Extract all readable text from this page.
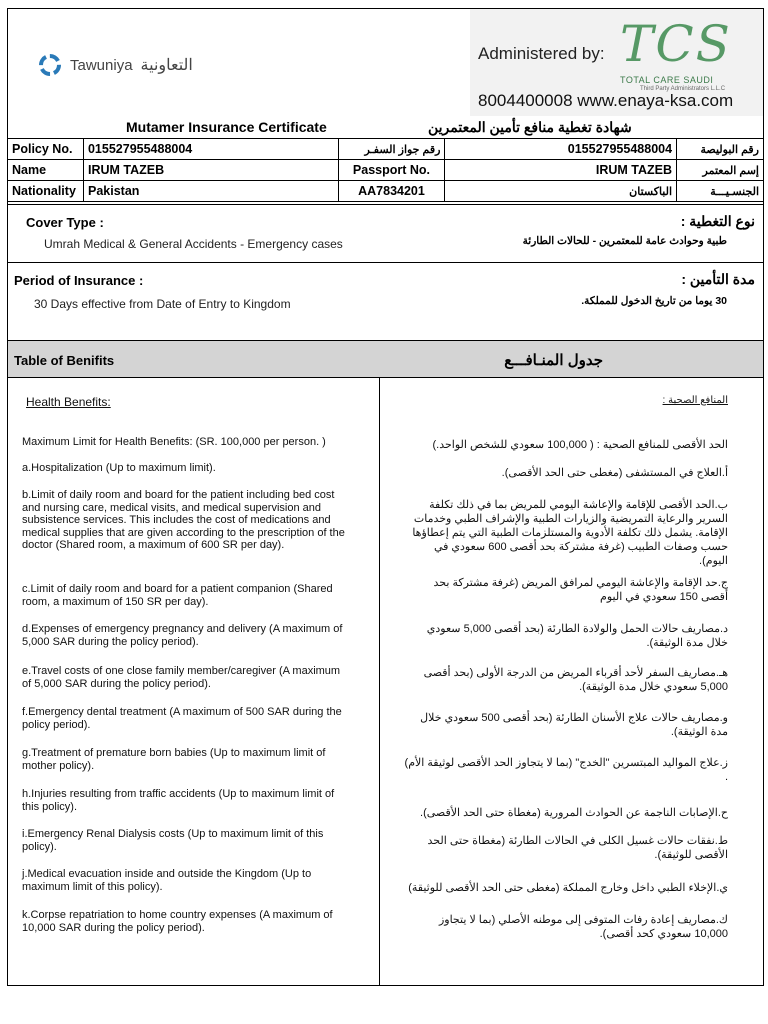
Tawuniya التعاونية
Administered by: TCS
TOTAL CARE SAUDI
Third Party Administrators L.L.C
8004400008 www.enaya-ksa.com
Mutamer Insurance Certificate	شهادة تغطية منافع تأمين المعتمرين
Policy No.	015527955488004	رقم جواز السفـر	015527955488004	رقم البوليصة
Name	IRUM TAZEB	Passport No.	IRUM TAZEB	إسم المعتمر
Nationality	Pakistan	AA7834201	الباكستان	الجنسـيـــة
Cover Type :	نوع التغطية :
Umrah Medical & General Accidents - Emergency cases	طبية وحوادث عامة للمعتمرين - للحالات الطارئة
Period of Insurance :	مدة التأمين :
30 Days effective from Date of Entry to Kingdom	30 يوما من تاريخ الدخول للمملكة.
Table of Benifits	جدول المنـافـــع
Health Benefits:
Maximum Limit for Health Benefits: (SR. 100,000 per person. )
a.Hospitalization (Up to maximum limit).
b.Limit of daily room and board for the patient including bed cost and nursing care, medical visits, and medical supervision and subsistence services. This includes the cost of medications and medical supplies that are given according to the prescription of the doctor (Shared room, a maximum of 600 SR per day).
c.Limit of daily room and board for a patient companion (Shared room, a maximum of 150 SR per day).
d.Expenses of emergency pregnancy and delivery (A maximum of 5,000 SAR during the policy period).
e.Travel costs of one close family member/caregiver (A maximum of 5,000 SAR during the policy period).
f.Emergency dental treatment (A maximum of 500 SAR during the policy period).
g.Treatment of premature born babies (Up to maximum limit of mother policy).
h.Injuries resulting from traffic accidents (Up to maximum limit of this policy).
i.Emergency Renal Dialysis costs (Up to maximum limit of this policy).
j.Medical evacuation inside and outside the Kingdom (Up to maximum limit of this policy).
k.Corpse repatriation to home country expenses (A maximum of 10,000 SAR during the policy period).
المنافع الصحية :
الحد الأقصى للمنافع الصحية : ( 100,000 سعودي للشخص الواحد.)
أ.العلاج في المستشفى (مغطى حتى الحد الأقصى).
ب.الحد الأقصى للإقامة والإعاشة اليومي للمريض بما في ذلك تكلفة السرير والرعاية التمريضية والزيارات الطبية والإشراف الطبي وخدمات الإقامة. يشمل ذلك تكلفة الأدوية والمستلزمات الطبية التي يتم إعطاؤها حسب وصفات الطبيب (غرفة مشتركة بحد أقصى 600 سعودي في اليوم).
ج.حد الإقامة والإعاشة اليومي لمرافق المريض (غرفة مشتركة بحد أقصى 150 سعودي في اليوم
د.مصاريف حالات الحمل والولادة الطارئة (بحد أقصى 5,000 سعودي خلال مدة الوثيقة).
هـ.مصاريف السفر لأحد أقرباء المريض من الدرجة الأولى (بحد أقصى 5,000 سعودي خلال مدة الوثيقة).
و.مصاريف حالات علاج الأسنان الطارئة (بحد أقصى 500 سعودي خلال مدة الوثيقة).
ز.علاج المواليد المبتسرين "الخدج" (بما لا يتجاوز الحد الأقصى لوثيقة الأم) .
ح.الإصابات الناجمة عن الحوادث المرورية (مغطاة حتى الحد الأقصى).
ط.نفقات حالات غسيل الكلى في الحالات الطارئة (مغطاة حتى الحد الأقصى للوثيقة).
ي.الإخلاء الطبي داخل وخارج المملكة (مغطى حتى الحد الأقصى للوثيقة)
ك.مصاريف إعادة رفات المتوفى إلى موطنه الأصلي (بما لا يتجاوز 10,000 سعودي كحد أقصى).
